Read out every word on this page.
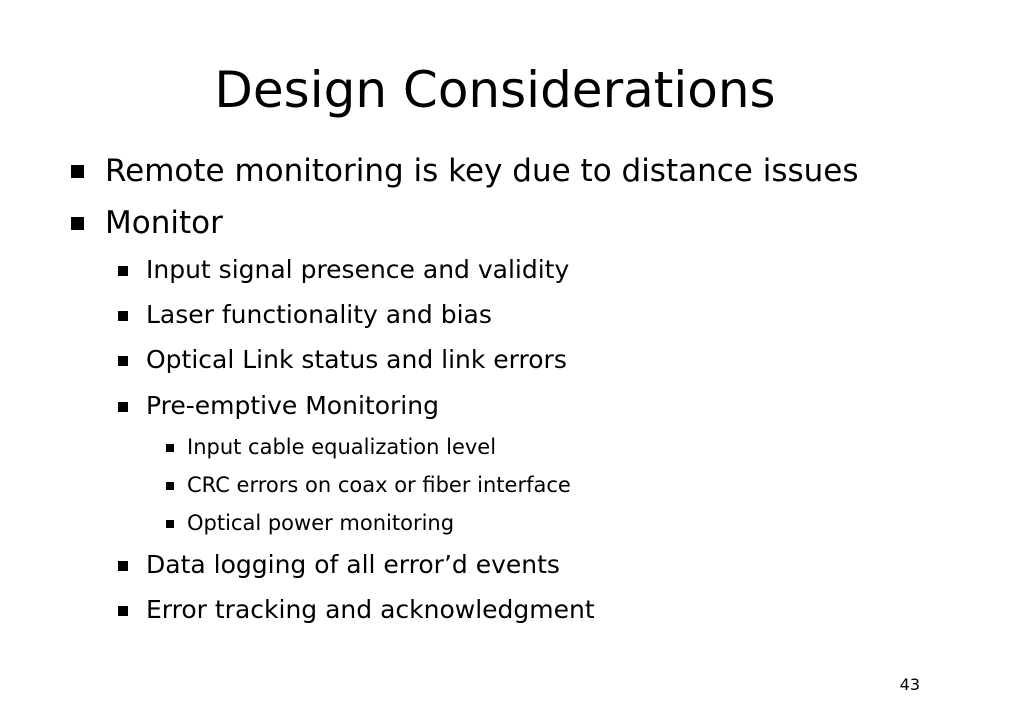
Design Considerations
Remote monitoring is key due to distance issues
Monitor
Input signal presence and validity
Laser functionality and bias
Optical Link status and link errors
Pre-emptive Monitoring
Input cable equalization level
CRC errors on coax or fiber interface
Optical power monitoring
Data logging of all error’d events
Error tracking and acknowledgment
43
